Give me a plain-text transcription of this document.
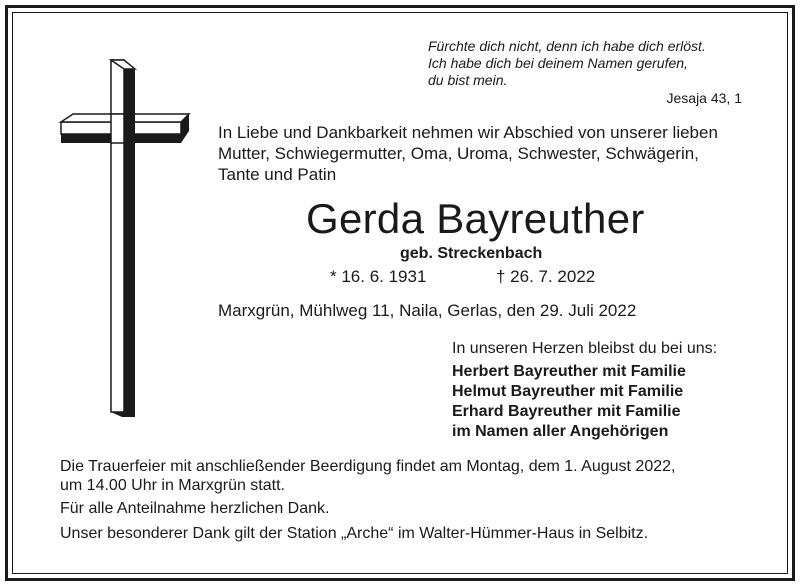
Fürchte dich nicht, denn ich habe dich erlöst.
Ich habe dich bei deinem Namen gerufen,
du bist mein.
Jesaja 43, 1
In Liebe und Dankbarkeit nehmen wir Abschied von unserer lieben
Mutter, Schwiegermutter, Oma, Uroma, Schwester, Schwägerin,
Tante und Patin
Gerda Bayreuther
geb. Streckenbach
* 16. 6. 1931	† 26. 7. 2022
Marxgrün, Mühlweg 11, Naila, Gerlas, den 29. Juli 2022
In unseren Herzen bleibst du bei uns:
Herbert Bayreuther mit Familie
Helmut Bayreuther mit Familie
Erhard Bayreuther mit Familie
im Namen aller Angehörigen
Die Trauerfeier mit anschließender Beerdigung findet am Montag, dem 1. August 2022,
um 14.00 Uhr in Marxgrün statt.
Für alle Anteilnahme herzlichen Dank.
Unser besonderer Dank gilt der Station „Arche“ im Walter-Hümmer-Haus in Selbitz.
